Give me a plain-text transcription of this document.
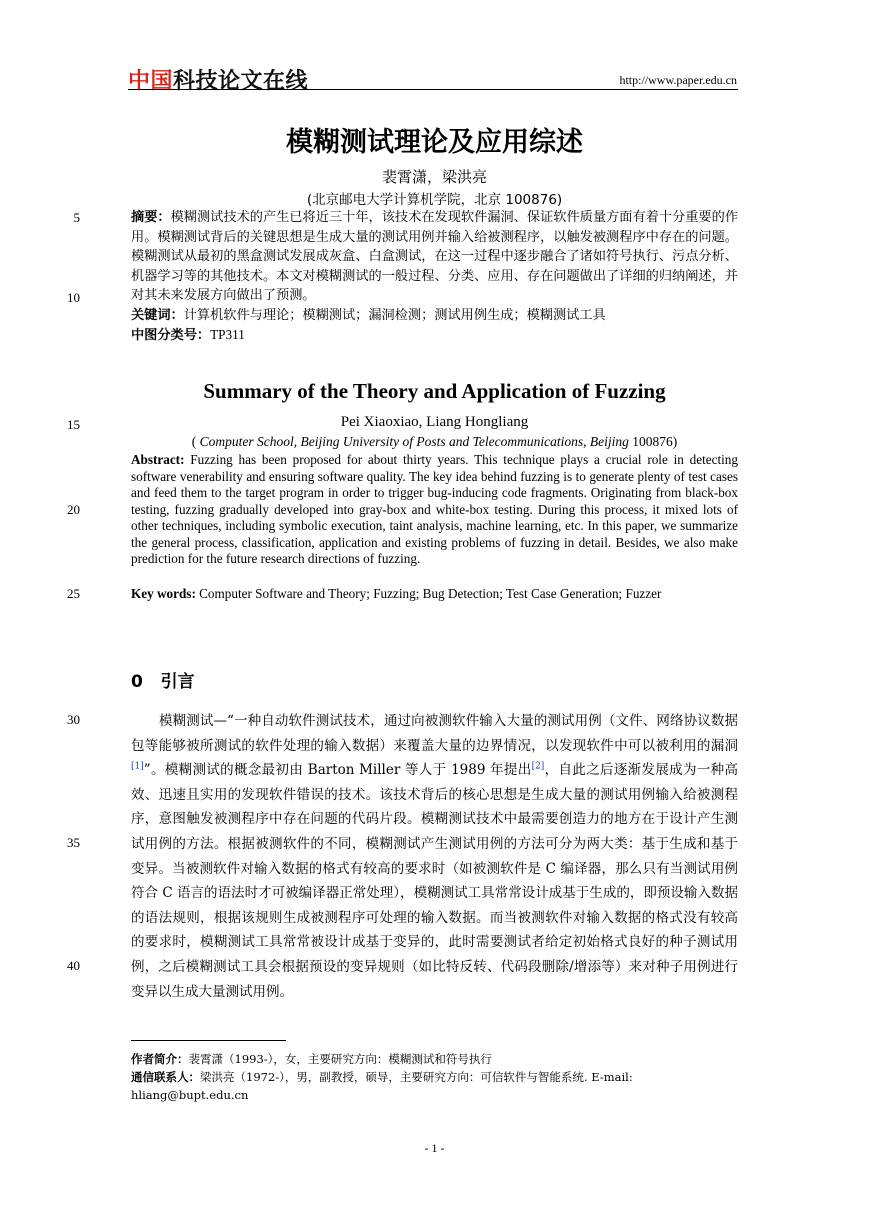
中国科技论文在线	http://www.paper.edu.cn
模糊测试理论及应用综述
裴霄潇，梁洪亮
(北京邮电大学计算机学院，北京 100876)
5
10
15
20
25
30
35
40
摘要：模糊测试技术的产生已将近三十年，该技术在发现软件漏洞、保证软件质量方面有着十分重要的作用。模糊测试背后的关键思想是生成大量的测试用例并输入给被测程序，以触发被测程序中存在的问题。模糊测试从最初的黑盒测试发展成灰盒、白盒测试，在这一过程中逐步融合了诸如符号执行、污点分析、机器学习等的其他技术。本文对模糊测试的一般过程、分类、应用、存在问题做出了详细的归纳阐述，并对其未来发展方向做出了预测。
关键词：计算机软件与理论；模糊测试；漏洞检测；测试用例生成；模糊测试工具
中图分类号：TP311
Summary of the Theory and Application of Fuzzing
Pei Xiaoxiao, Liang Hongliang
( Computer School, Beijing University of Posts and Telecommunications, Beijing 100876)
Abstract: Fuzzing has been proposed for about thirty years. This technique plays a crucial role in detecting software venerability and ensuring software quality. The key idea behind fuzzing is to generate plenty of test cases and feed them to the target program in order to trigger bug-inducing code fragments. Originating from black-box testing, fuzzing gradually developed into gray-box and white-box testing. During this process, it mixed lots of other techniques, including symbolic execution, taint analysis, machine learning, etc. In this paper, we summarize the general process, classification, application and existing problems of fuzzing in detail. Besides, we also make prediction for the future research directions of fuzzing.
Key words: Computer Software and Theory; Fuzzing; Bug Detection; Test Case Generation; Fuzzer
0 引言

模糊测试—“一种自动软件测试技术，通过向被测软件输入大量的测试用例（文件、网络协议数据包等能够被所测试的软件处理的输入数据）来覆盖大量的边界情况，以发现软件中可以被利用的漏洞[1]”。模糊测试的概念最初由 Barton Miller 等人于 1989 年提出[2]，自此之后逐渐发展成为一种高效、迅速且实用的发现软件错误的技术。该技术背后的核心思想是生成大量的测试用例输入给被测程序，意图触发被测程序中存在问题的代码片段。模糊测试技术中最需要创造力的地方在于设计产生测试用例的方法。根据被测软件的不同，模糊测试产生测试用例的方法可分为两大类：基于生成和基于变异。当被测软件对输入数据的格式有较高的要求时（如被测软件是 C 编译器，那么只有当测试用例符合 C 语言的语法时才可被编译器正常处理），模糊测试工具常常设计成基于生成的，即预设输入数据的语法规则，根据该规则生成被测程序可处理的输入数据。而当被测软件对输入数据的格式没有较高的要求时，模糊测试工具常常被设计成基于变异的，此时需要测试者给定初始格式良好的种子测试用例，之后模糊测试工具会根据预设的变异规则（如比特反转、代码段删除/增添等）来对种子用例进行变异以生成大量测试用例。

作者简介：裴霄潇（1993-），女，主要研究方向：模糊测试和符号执行
通信联系人：梁洪亮（1972-），男，副教授，硕导，主要研究方向：可信软件与智能系统. E-mail: hliang@bupt.edu.cn
- 1 -
